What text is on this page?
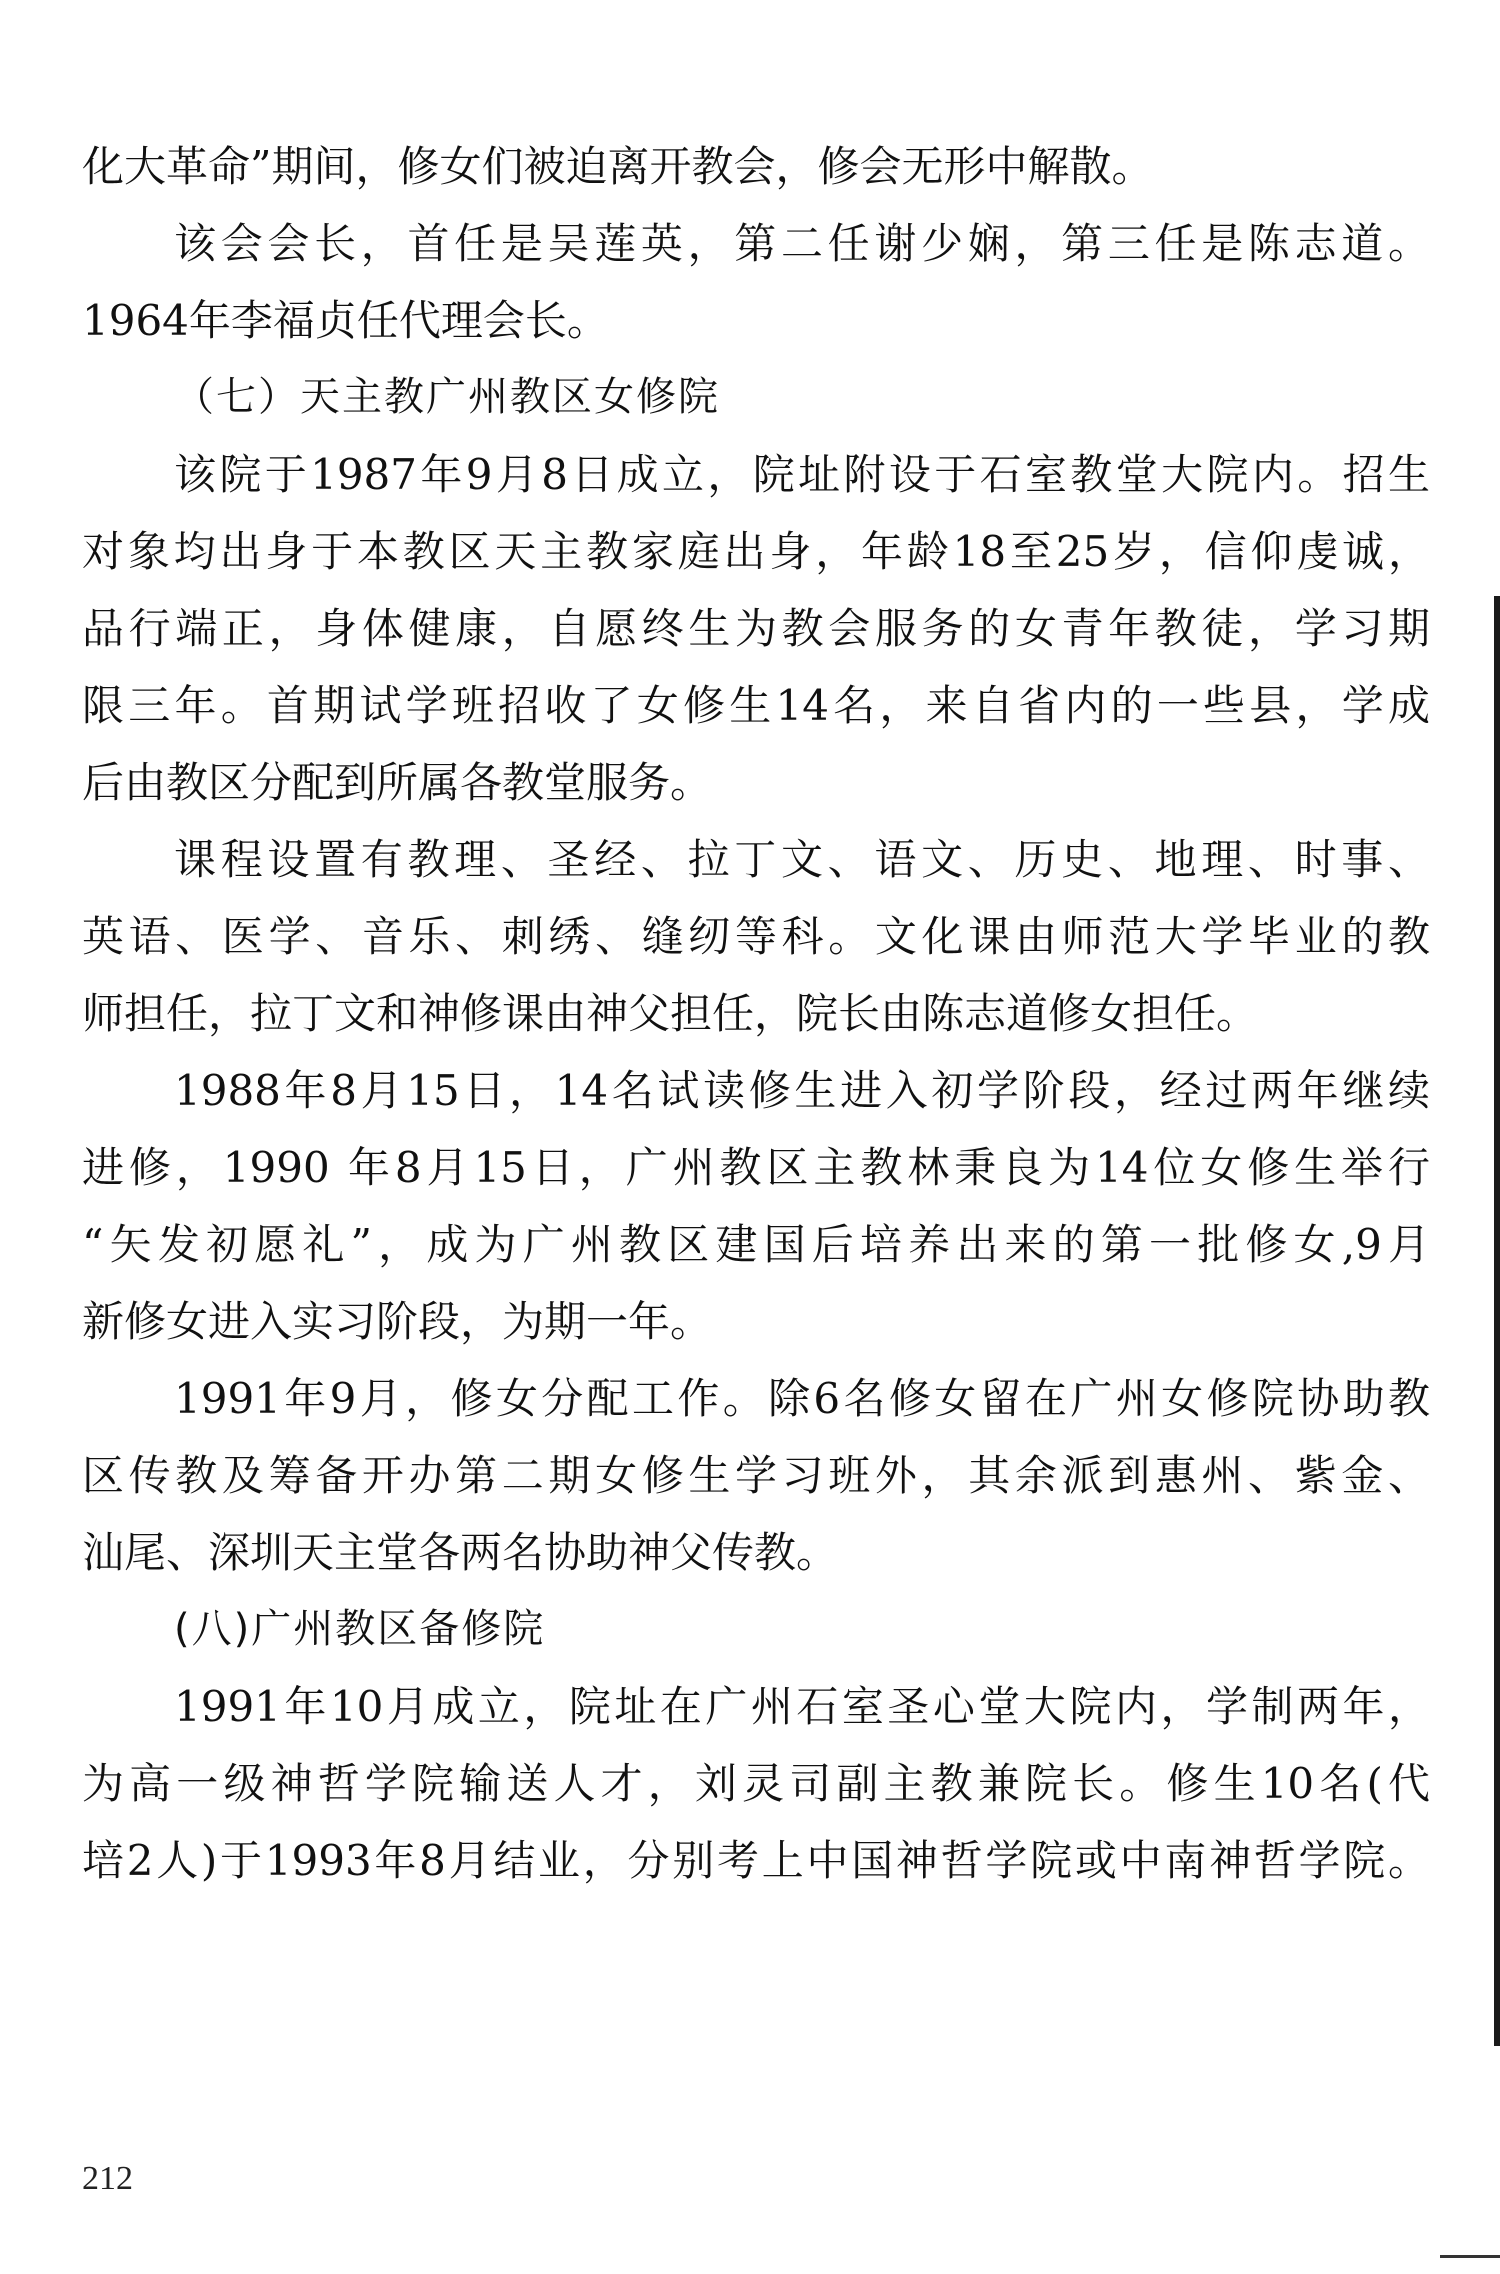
化大革命”期间，修女们被迫离开教会，修会无形中解散。
该会会长，首任是吴莲英，第二任谢少娴，第三任是陈志道。
1964年李福贞任代理会长。
（七）天主教广州教区女修院
该院于1987年9月8日成立，院址附设于石室教堂大院内。招生
对象均出身于本教区天主教家庭出身，年龄18至25岁，信仰虔诚，
品行端正，身体健康，自愿终生为教会服务的女青年教徒，学习期
限三年。首期试学班招收了女修生14名，来自省内的一些县，学成
后由教区分配到所属各教堂服务。
课程设置有教理、圣经、拉丁文、语文、历史、地理、时事、
英语、医学、音乐、刺绣、缝纫等科。文化课由师范大学毕业的教
师担任，拉丁文和神修课由神父担任，院长由陈志道修女担任。
1988年8月15日，14名试读修生进入初学阶段，经过两年继续
进修，1990 年8月15日，广州教区主教林秉良为14位女修生举行
“矢发初愿礼”，成为广州教区建国后培养出来的第一批修女,9月
新修女进入实习阶段，为期一年。
1991年9月，修女分配工作。除6名修女留在广州女修院协助教
区传教及筹备开办第二期女修生学习班外，其余派到惠州、紫金、
汕尾、深圳天主堂各两名协助神父传教。
(八)广州教区备修院
1991年10月成立，院址在广州石室圣心堂大院内，学制两年，
为高一级神哲学院输送人才，刘灵司副主教兼院长。修生10名(代
培2人)于1993年8月结业，分别考上中国神哲学院或中南神哲学院。
212
